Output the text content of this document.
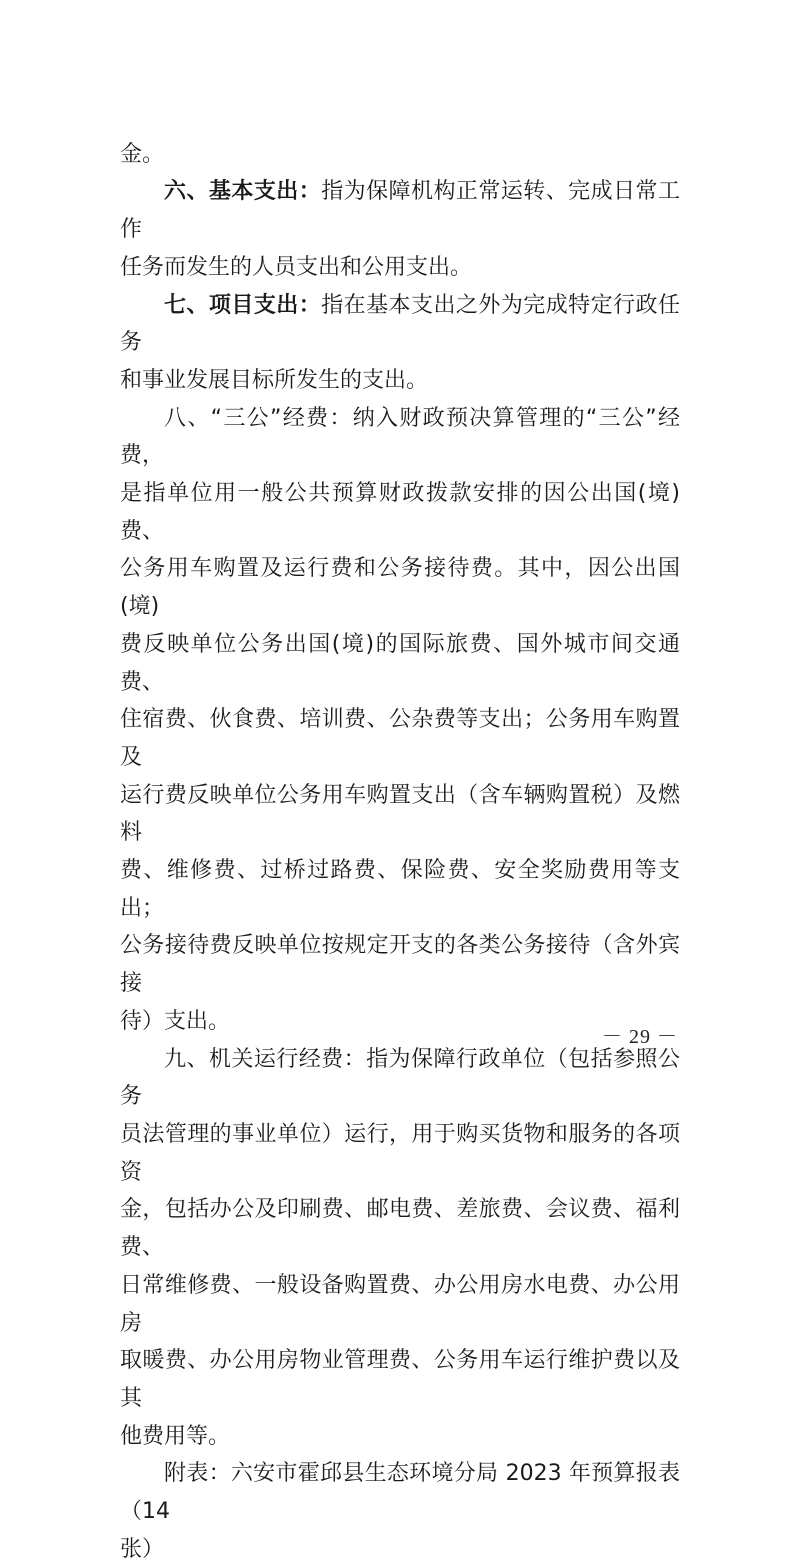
金。

六、基本支出：指为保障机构正常运转、完成日常工作
任务而发生的人员支出和公用支出。

七、项目支出：指在基本支出之外为完成特定行政任务
和事业发展目标所发生的支出。

八、“三公”经费：纳入财政预决算管理的“三公”经费，
是指单位用一般公共预算财政拨款安排的因公出国(境)费、
公务用车购置及运行费和公务接待费。其中，因公出国(境)
费反映单位公务出国(境)的国际旅费、国外城市间交通费、
住宿费、伙食费、培训费、公杂费等支出；公务用车购置及
运行费反映单位公务用车购置支出（含车辆购置税）及燃料
费、维修费、过桥过路费、保险费、安全奖励费用等支出；
公务接待费反映单位按规定开支的各类公务接待（含外宾接
待）支出。

九、机关运行经费：指为保障行政单位（包括参照公务
员法管理的事业单位）运行，用于购买货物和服务的各项资
金，包括办公及印刷费、邮电费、差旅费、会议费、福利费、
日常维修费、一般设备购置费、办公用房水电费、办公用房
取暖费、办公用房物业管理费、公务用车运行维护费以及其
他费用等。

附表：六安市霍邱县生态环境分局 2023 年预算报表（14
张）

－ 29 －
